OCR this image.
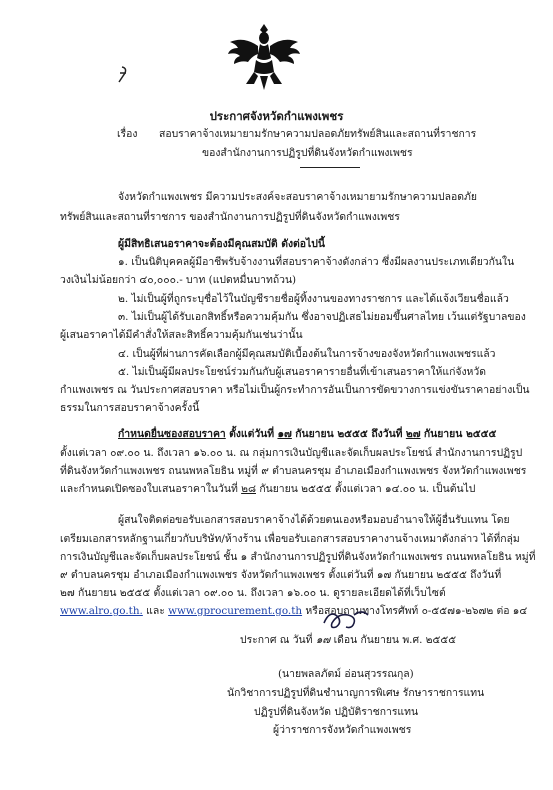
ประกาศจังหวัดกำแพงเพชร
เรื่อง สอบราคาจ้างเหมายามรักษาความปลอดภัยทรัพย์สินและสถานที่ราชการ
ของสำนักงานการปฏิรูปที่ดินจังหวัดกำแพงเพชร
จังหวัดกำแพงเพชร มีความประสงค์จะสอบราคาจ้างเหมายามรักษาความปลอดภัย
ทรัพย์สินและสถานที่ราชการ ของสำนักงานการปฏิรูปที่ดินจังหวัดกำแพงเพชร
ผู้มีสิทธิเสนอราคาจะต้องมีคุณสมบัติ ดังต่อไปนี้
๑. เป็นนิติบุคคลผู้มีอาชีพรับจ้างงานที่สอบราคาจ้างดังกล่าว ซึ่งมีผลงานประเภทเดียวกันใน
วงเงินไม่น้อยกว่า ๔๐,๐๐๐.- บาท (แปดหมื่นบาทถ้วน)
๒. ไม่เป็นผู้ที่ถูกระบุชื่อไว้ในบัญชีรายชื่อผู้ทิ้งงานของทางราชการ และได้แจ้งเวียนชื่อแล้ว
๓. ไม่เป็นผู้ได้รับเอกสิทธิ์หรือความคุ้มกัน ซึ่งอาจปฏิเสธไม่ยอมขึ้นศาลไทย เว้นแต่รัฐบาลของ
ผู้เสนอราคาได้มีคำสั่งให้สละสิทธิ์ความคุ้มกันเช่นว่านั้น
๔. เป็นผู้ที่ผ่านการคัดเลือกผู้มีคุณสมบัติเบื้องต้นในการจ้างของจังหวัดกำแพงเพชรแล้ว
๕. ไม่เป็นผู้มีผลประโยชน์ร่วมกันกับผู้เสนอราคารายอื่นที่เข้าเสนอราคาให้แก่จังหวัด
กำแพงเพชร ณ วันประกาศสอบราคา หรือไม่เป็นผู้กระทำการอันเป็นการขัดขวางการแข่งขันราคาอย่างเป็น
ธรรมในการสอบราคาจ้างครั้งนี้
กำหนดยื่นซองสอบราคา ตั้งแต่วันที่ ๑๗ กันยายน ๒๕๕๕ ถึงวันที่ ๒๗ กันยายน ๒๕๕๕
ตั้งแต่เวลา ๐๙.๐๐ น. ถึงเวลา ๑๖.๐๐ น. ณ กลุ่มการเงินบัญชีและจัดเก็บผลประโยชน์ สำนักงานการปฏิรูป
ที่ดินจังหวัดกำแพงเพชร ถนนพหลโยธิน หมู่ที่ ๙ ตำบลนครชุม อำเภอเมืองกำแพงเพชร จังหวัดกำแพงเพชร
และกำหนดเปิดซองใบเสนอราคาในวันที่ ๒๘ กันยายน ๒๕๕๕ ตั้งแต่เวลา ๑๔.๐๐ น. เป็นต้นไป
ผู้สนใจติดต่อขอรับเอกสารสอบราคาจ้างได้ด้วยตนเองหรือมอบอำนาจให้ผู้อื่นรับแทน โดย
เตรียมเอกสารหลักฐานเกี่ยวกับบริษัท/ห้างร้าน เพื่อขอรับเอกสารสอบราคางานจ้างเหมาดังกล่าว ได้ที่กลุ่ม
การเงินบัญชีและจัดเก็บผลประโยชน์ ชั้น ๑ สำนักงานการปฏิรูปที่ดินจังหวัดกำแพงเพชร ถนนพหลโยธิน หมู่ที่
๙ ตำบลนครชุม อำเภอเมืองกำแพงเพชร จังหวัดกำแพงเพชร ตั้งแต่วันที่ ๑๗ กันยายน ๒๕๕๕ ถึงวันที่
๒๗ กันยายน ๒๕๕๕ ตั้งแต่เวลา ๐๙.๐๐ น. ถึงเวลา ๑๖.๐๐ น. ดูรายละเอียดได้ที่เว็บไซต์
www.alro.go.th. และ www.gprocurement.go.th หรือสอบถามทางโทรศัพท์ ๐-๕๕๗๑-๒๖๗๒ ต่อ ๑๔
ประกาศ ณ วันที่ ๑๗ เดือน กันยายน พ.ศ. ๒๕๕๕
(นายพลลภัตม์ อ่อนสุวรรณกุล)
นักวิชาการปฏิรูปที่ดินชำนาญการพิเศษ รักษาราชการแทน
ปฏิรูปที่ดินจังหวัด ปฏิบัติราชการแทน
ผู้ว่าราชการจังหวัดกำแพงเพชร
